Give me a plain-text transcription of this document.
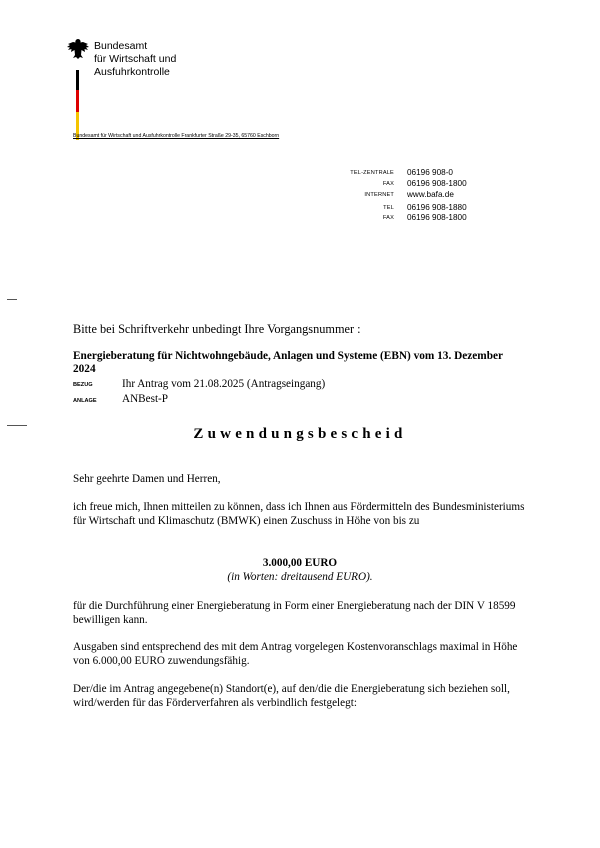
Bundesamt
für Wirtschaft und
Ausfuhrkontrolle
Bundesamt für Wirtschaft und Ausfuhrkontrolle Frankfurter Straße 29-35, 65760 Eschborn
TEL-ZENTRALE 06196 908-0
FAX 06196 908-1800
INTERNET www.bafa.de
TEL 06196 908-1880
FAX 06196 908-1800
Bitte bei Schriftverkehr unbedingt Ihre Vorgangsnummer :
Energieberatung für Nichtwohngebäude, Anlagen und Systeme (EBN) vom 13. Dezember 2024
BEZUG	Ihr Antrag vom 21.08.2025 (Antragseingang)
ANLAGE ANBest-P
Zuwendungsbescheid
Sehr geehrte Damen und Herren,
ich freue mich, Ihnen mitteilen zu können, dass ich Ihnen aus Fördermitteln des Bundesministeriums für Wirtschaft und Klimaschutz (BMWK) einen Zuschuss in Höhe von bis zu
3.000,00 EURO
(in Worten: dreitausend EURO).
für die Durchführung einer Energieberatung in Form einer Energieberatung nach der DIN V 18599 bewilligen kann.
Ausgaben sind entsprechend des mit dem Antrag vorgelegen Kostenvoranschlags maximal in Höhe von 6.000,00 EURO zuwendungsfähig.
Der/die im Antrag angegebene(n) Standort(e), auf den/die die Energieberatung sich beziehen soll, wird/werden für das Förderverfahren als verbindlich festgelegt:
